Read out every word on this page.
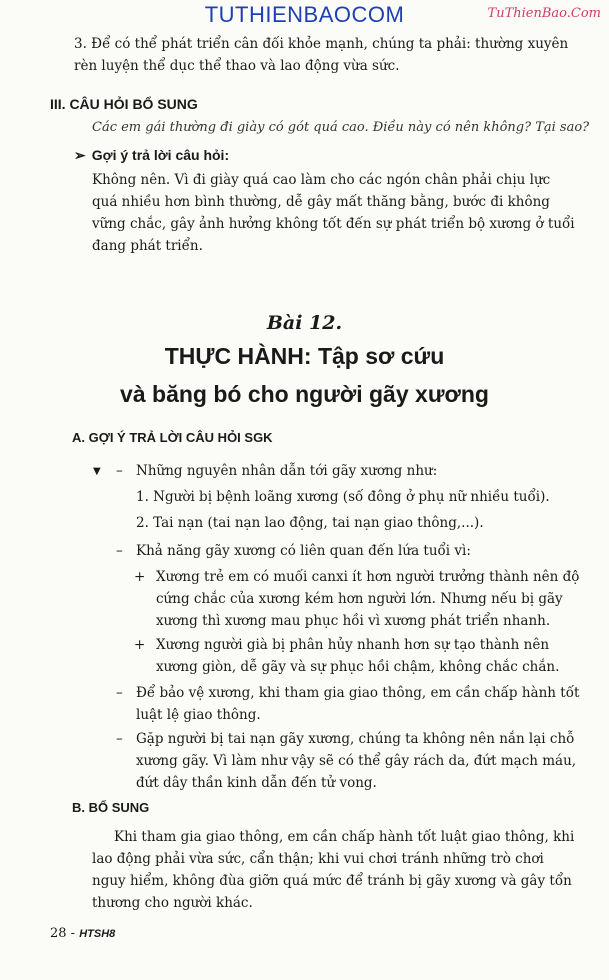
TUTHIENBAOCOM	TuThienBao.Com
3. Để có thể phát triển cân đối khỏe mạnh, chúng ta phải: thường xuyên
rèn luyện thể dục thể thao và lao động vừa sức.
III. CÂU HỎI BỔ SUNG
Các em gái thường đi giày có gót quá cao. Điều này có nên không? Tại sao?
➢ Gợi ý trả lời câu hỏi:
Không nên. Vì đi giày quá cao làm cho các ngón chân phải chịu lực
quá nhiều hơn bình thường, dễ gây mất thăng bằng, bước đi không
vững chắc, gây ảnh hưởng không tốt đến sự phát triển bộ xương ở tuổi
đang phát triển.
Bài 12.
THỰC HÀNH: Tập sơ cứu
và băng bó cho người gãy xương
A. GỢI Ý TRẢ LỜI CÂU HỎI SGK
▼ – Những nguyên nhân dẫn tới gãy xương như:
1. Người bị bệnh loãng xương (số đông ở phụ nữ nhiều tuổi).
2. Tai nạn (tai nạn lao động, tai nạn giao thông,...).
– Khả năng gãy xương có liên quan đến lứa tuổi vì:
+ Xương trẻ em có muối canxi ít hơn người trưởng thành nên độ
cứng chắc của xương kém hơn người lớn. Nhưng nếu bị gãy
xương thì xương mau phục hồi vì xương phát triển nhanh.
+ Xương người già bị phân hủy nhanh hơn sự tạo thành nên
xương giòn, dễ gãy và sự phục hồi chậm, không chắc chắn.
– Để bảo vệ xương, khi tham gia giao thông, em cần chấp hành tốt
luật lệ giao thông.
– Gặp người bị tai nạn gãy xương, chúng ta không nên nắn lại chỗ
xương gãy. Vì làm như vậy sẽ có thể gây rách da, đứt mạch máu,
đứt dây thần kinh dẫn đến tử vong.
B. BỔ SUNG
Khi tham gia giao thông, em cần chấp hành tốt luật giao thông, khi
lao động phải vừa sức, cẩn thận; khi vui chơi tránh những trò chơi
nguy hiểm, không đùa giỡn quá mức để tránh bị gãy xương và gây tổn
thương cho người khác.
28 - HTSH8
